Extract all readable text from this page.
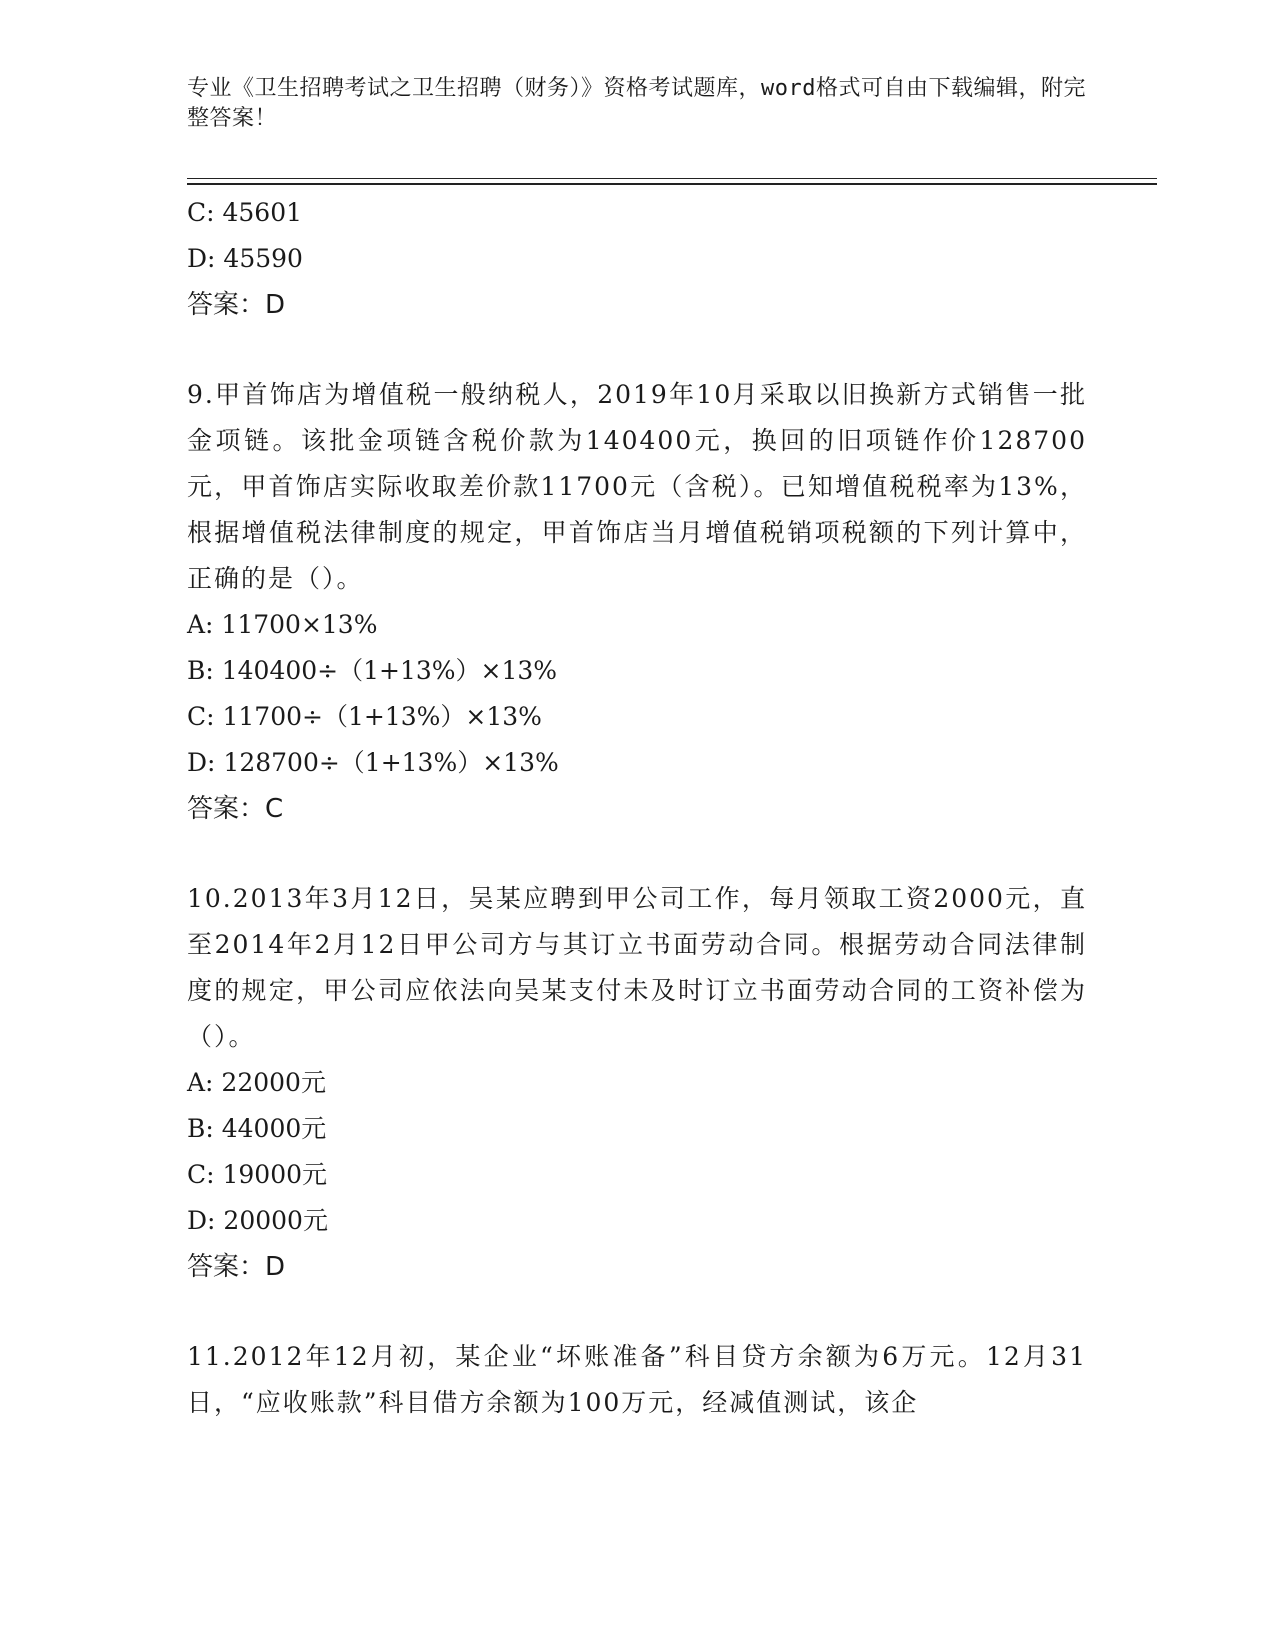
专业《卫生招聘考试之卫生招聘（财务）》资格考试题库，word格式可自由下载编辑，附完整答案！
C: 45601
D: 45590
答案：D
9.甲首饰店为增值税一般纳税人，2019年10月采取以旧换新方式销售一批金项链。该批金项链含税价款为140400元，换回的旧项链作价128700元，甲首饰店实际收取差价款11700元（含税）。已知增值税税率为13%，根据增值税法律制度的规定，甲首饰店当月增值税销项税额的下列计算中，正确的是（）。
A: 11700×13%
B: 140400÷（1+13%）×13%
C: 11700÷（1+13%）×13%
D: 128700÷（1+13%）×13%
答案：C
10.2013年3月12日，吴某应聘到甲公司工作，每月领取工资2000元，直至2014年2月12日甲公司方与其订立书面劳动合同。根据劳动合同法律制度的规定，甲公司应依法向吴某支付未及时订立书面劳动合同的工资补偿为（）。
A: 22000元
B: 44000元
C: 19000元
D: 20000元
答案：D
11.2012年12月初，某企业“坏账准备”科目贷方余额为6万元。12月31日，“应收账款”科目借方余额为100万元，经减值测试，该企
